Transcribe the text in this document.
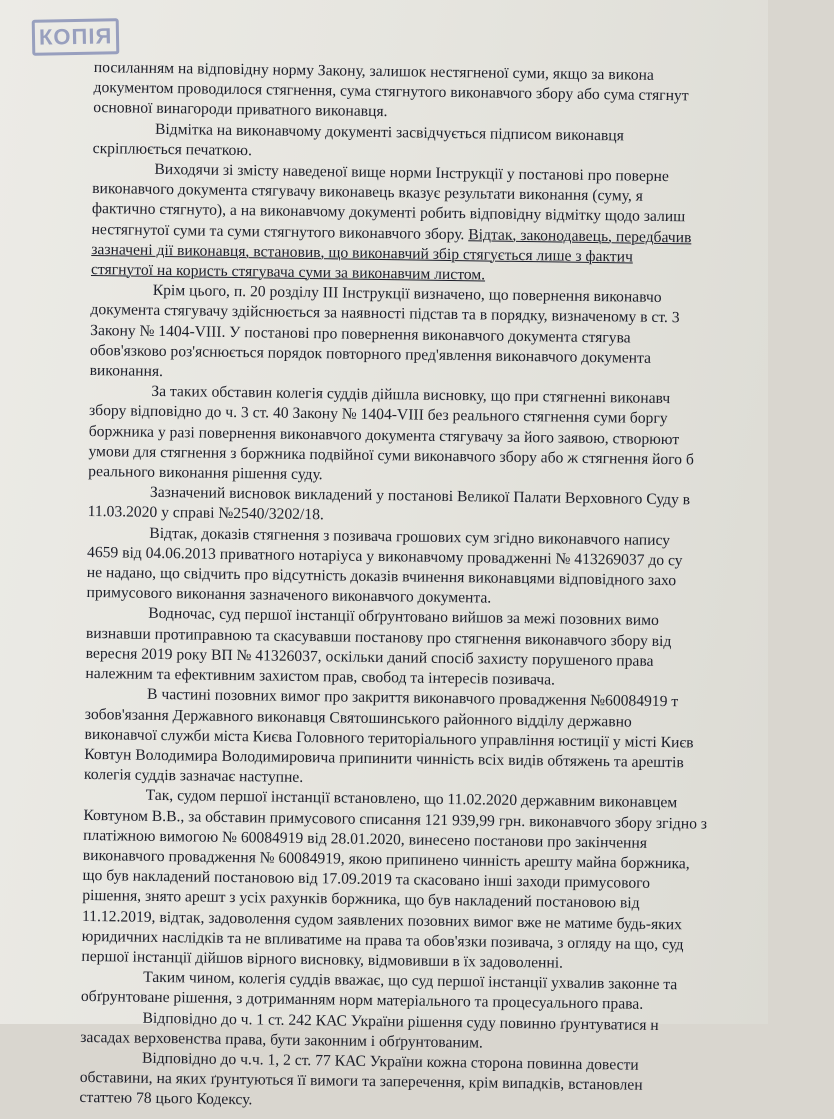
КОПІЯ
посиланням на відповідну норму Закону, залишок нестягненої суми, якщо за викона
документом проводилося стягнення, сума стягнутого виконавчого збору або сума стягнут
основної винагороди приватного виконавця.
Відмітка на виконавчому документі засвідчується підписом виконавця
скріплюється печаткою.
Виходячи зі змісту наведеної вище норми Інструкції у постанові про поверне
виконавчого документа стягувачу виконавець вказує результати виконання (суму, я
фактично стягнуто), а на виконавчому документі робить відповідну відмітку щодо залиш
нестягнутої суми та суми стягнутого виконавчого збору. Відтак, законодавець, передбачив
зазначені дії виконавця, встановив, що виконавчий збір стягується лише з фактич
стягнутої на користь стягувача суми за виконавчим листом.
Крім цього, п. 20 розділу III Інструкції визначено, що повернення виконавчо
документа стягувачу здійснюється за наявності підстав та в порядку, визначеному в ст. 3
Закону № 1404-VIII. У постанові про повернення виконавчого документа стягува
обов'язково роз'яснюється порядок повторного пред'явлення виконавчого документа
виконання.
За таких обставин колегія суддів дійшла висновку, що при стягненні виконавч
збору відповідно до ч. 3 ст. 40 Закону № 1404-VIII без реального стягнення суми боргу
боржника у разі повернення виконавчого документа стягувачу за його заявою, створюют
умови для стягнення з боржника подвійної суми виконавчого збору або ж стягнення його б
реального виконання рішення суду.
Зазначений висновок викладений у постанові Великої Палати Верховного Суду в
11.03.2020 у справі №2540/3202/18.
Відтак, доказів стягнення з позивача грошових сум згідно виконавчого напису
4659 від 04.06.2013 приватного нотаріуса у виконавчому провадженні № 413269037 до су
не надано, що свідчить про відсутність доказів вчинення виконавцями відповідного захо
примусового виконання зазначеного виконавчого документа.
Водночас, суд першої інстанції обґрунтовано вийшов за межі позовних вимо
визнавши протиправною та скасувавши постанову про стягнення виконавчого збору від
вересня 2019 року ВП № 41326037, оскільки даний спосіб захисту порушеного права
належним та ефективним захистом прав, свобод та інтересів позивача.
В частині позовних вимог про закриття виконавчого провадження №60084919 т
зобов'язання Державного виконавця Святошинського районного відділу державно
виконавчої служби міста Києва Головного територіального управління юстиції у місті Києв
Ковтун Володимира Володимировича припинити чинність всіх видів обтяжень та арештів
колегія суддів зазначає наступне.
Так, судом першої інстанції встановлено, що 11.02.2020 державним виконавцем
Ковтуном В.В., за обставин примусового списання 121 939,99 грн. виконавчого збору згідно з
платіжною вимогою № 60084919 від 28.01.2020, винесено постанови про закінчення
виконавчого провадження № 60084919, якою припинено чинність арешту майна боржника,
що був накладений постановою від 17.09.2019 та скасовано інші заходи примусового
рішення, знято арешт з усіх рахунків боржника, що був накладений постановою від
11.12.2019, відтак, задоволення судом заявлених позовних вимог вже не матиме будь-яких
юридичних наслідків та не впливатиме на права та обов'язки позивача, з огляду на що, суд
першої інстанції дійшов вірного висновку, відмовивши в їх задоволенні.
Таким чином, колегія суддів вважає, що суд першої інстанції ухвалив законне та
обґрунтоване рішення, з дотриманням норм матеріального та процесуального права.
Відповідно до ч. 1 ст. 242 КАС України рішення суду повинно ґрунтуватися н
засадах верховенства права, бути законним і обґрунтованим.
Відповідно до ч.ч. 1, 2 ст. 77 КАС України кожна сторона повинна довести
обставини, на яких ґрунтуються її вимоги та заперечення, крім випадків, встановлен
статтею 78 цього Кодексу.
